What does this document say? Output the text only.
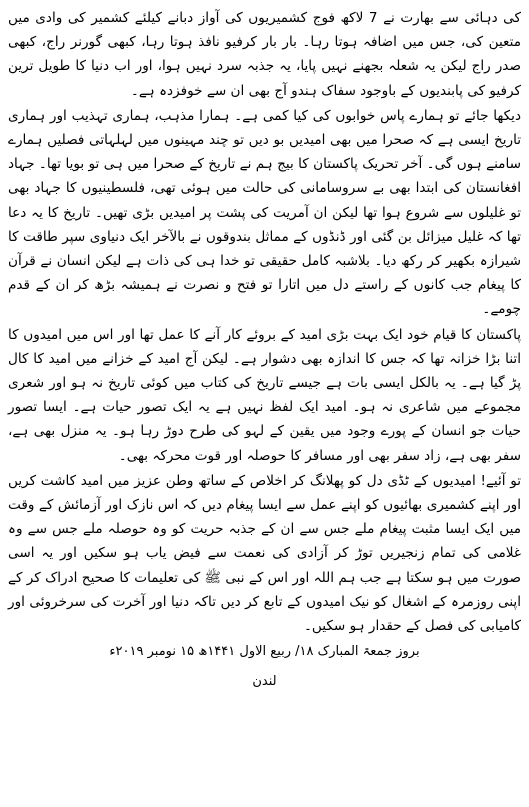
کی دہائی سے بھارت نے 7 لاکھ فوج کشمیریوں کی آواز دبانے کیلئے کشمیر کی وادی میں متعین کی، جس میں اضافہ ہوتا رہا۔ بار بار کرفیو نافذ ہوتا رہا، کبھی گورنر راج، کبھی صدر راج لیکن یہ شعلہ بجھنے نہیں پایا، یہ جذبہ سرد نہیں ہوا، اور اب دنیا کا طویل ترین کرفیو کی پابندیوں کے باوجود سفاک ہندو آج بھی ان سے خوفزدہ ہے۔

دیکھا جائے تو ہمارے پاس خوابوں کی کیا کمی ہے۔ ہمارا مذہب، ہماری تہذیب اور ہماری تاریخ ایسی ہے کہ صحرا میں بھی امیدیں بو دیں تو چند مہینوں میں لہلہاتی فصلیں ہمارے سامنے ہوں گی۔ آخر تحریک پاکستان کا بیج ہم نے تاریخ کے صحرا میں ہی تو بویا تھا۔ جہاد افغانستان کی ابتدا بھی بے سروسامانی کی حالت میں ہوئی تھی، فلسطینیوں کا جہاد بھی تو غلیلوں سے شروع ہوا تھا لیکن ان آمریت کی پشت پر امیدیں بڑی تھیں۔ تاریخ کا یہ دعا تھا کہ غلیل میزائل بن گئی اور ڈنڈوں کے مماثل بندوقوں نے بالآخر ایک دنیاوی سپر طاقت کا شیرازہ بکھیر کر رکھ دیا۔ بلاشبہ کامل حقیقی تو خدا ہی کی ذات ہے لیکن انسان نے قرآن کا پیغام جب کانوں کے راستے دل میں اتارا تو فتح و نصرت نے ہمیشہ بڑھ کر ان کے قدم چومے۔

پاکستان کا قیام خود ایک بہت بڑی امید کے بروئے کار آنے کا عمل تھا اور اس میں امیدوں کا اتنا بڑا خزانہ تھا کہ جس کا اندازہ بھی دشوار ہے۔ لیکن آج امید کے خزانے میں امید کا کال پڑ گیا ہے۔ یہ بالکل ایسی بات ہے جیسے تاریخ کی کتاب میں کوئی تاریخ نہ ہو اور شعری مجموعے میں شاعری نہ ہو۔ امید ایک لفظ نہیں ہے یہ ایک تصور حیات ہے۔ ایسا تصور حیات جو انسان کے پورے وجود میں یقین کے لہو کی طرح دوڑ رہا ہو۔ یہ منزل بھی ہے، سفر بھی ہے، زاد سفر بھی اور مسافر کا حوصلہ اور قوت محرکہ بھی۔

تو آئیے! امیدیوں کے ٹڈی دل کو پھلانگ کر اخلاص کے ساتھ وطن عزیز میں امید کاشت کریں اور اپنے کشمیری بھائیوں کو اپنے عمل سے ایسا پیغام دیں کہ اس نازک اور آزمائش کے وقت میں ایک ایسا مثبت پیغام ملے جس سے ان کے جذبہ حریت کو وہ حوصلہ ملے جس سے وہ غلامی کی تمام زنجیریں توڑ کر آزادی کی نعمت سے فیض یاب ہو سکیں اور یہ اسی صورت میں ہو سکتا ہے جب ہم اللہ اور اس کے نبی ﷺ کی تعلیمات کا صحیح ادراک کر کے اپنی روزمرہ کے اشغال کو نیک امیدوں کے تابع کر دیں تاکہ دنیا اور آخرت کی سرخروئی اور کامیابی کی فصل کے حقدار ہو سکیں۔

بروز جمعۃ المبارک ۱۸/ ربیع الاول ۱۴۴۱ھ ۱۵ نومبر ۲۰۱۹ء
لندن
